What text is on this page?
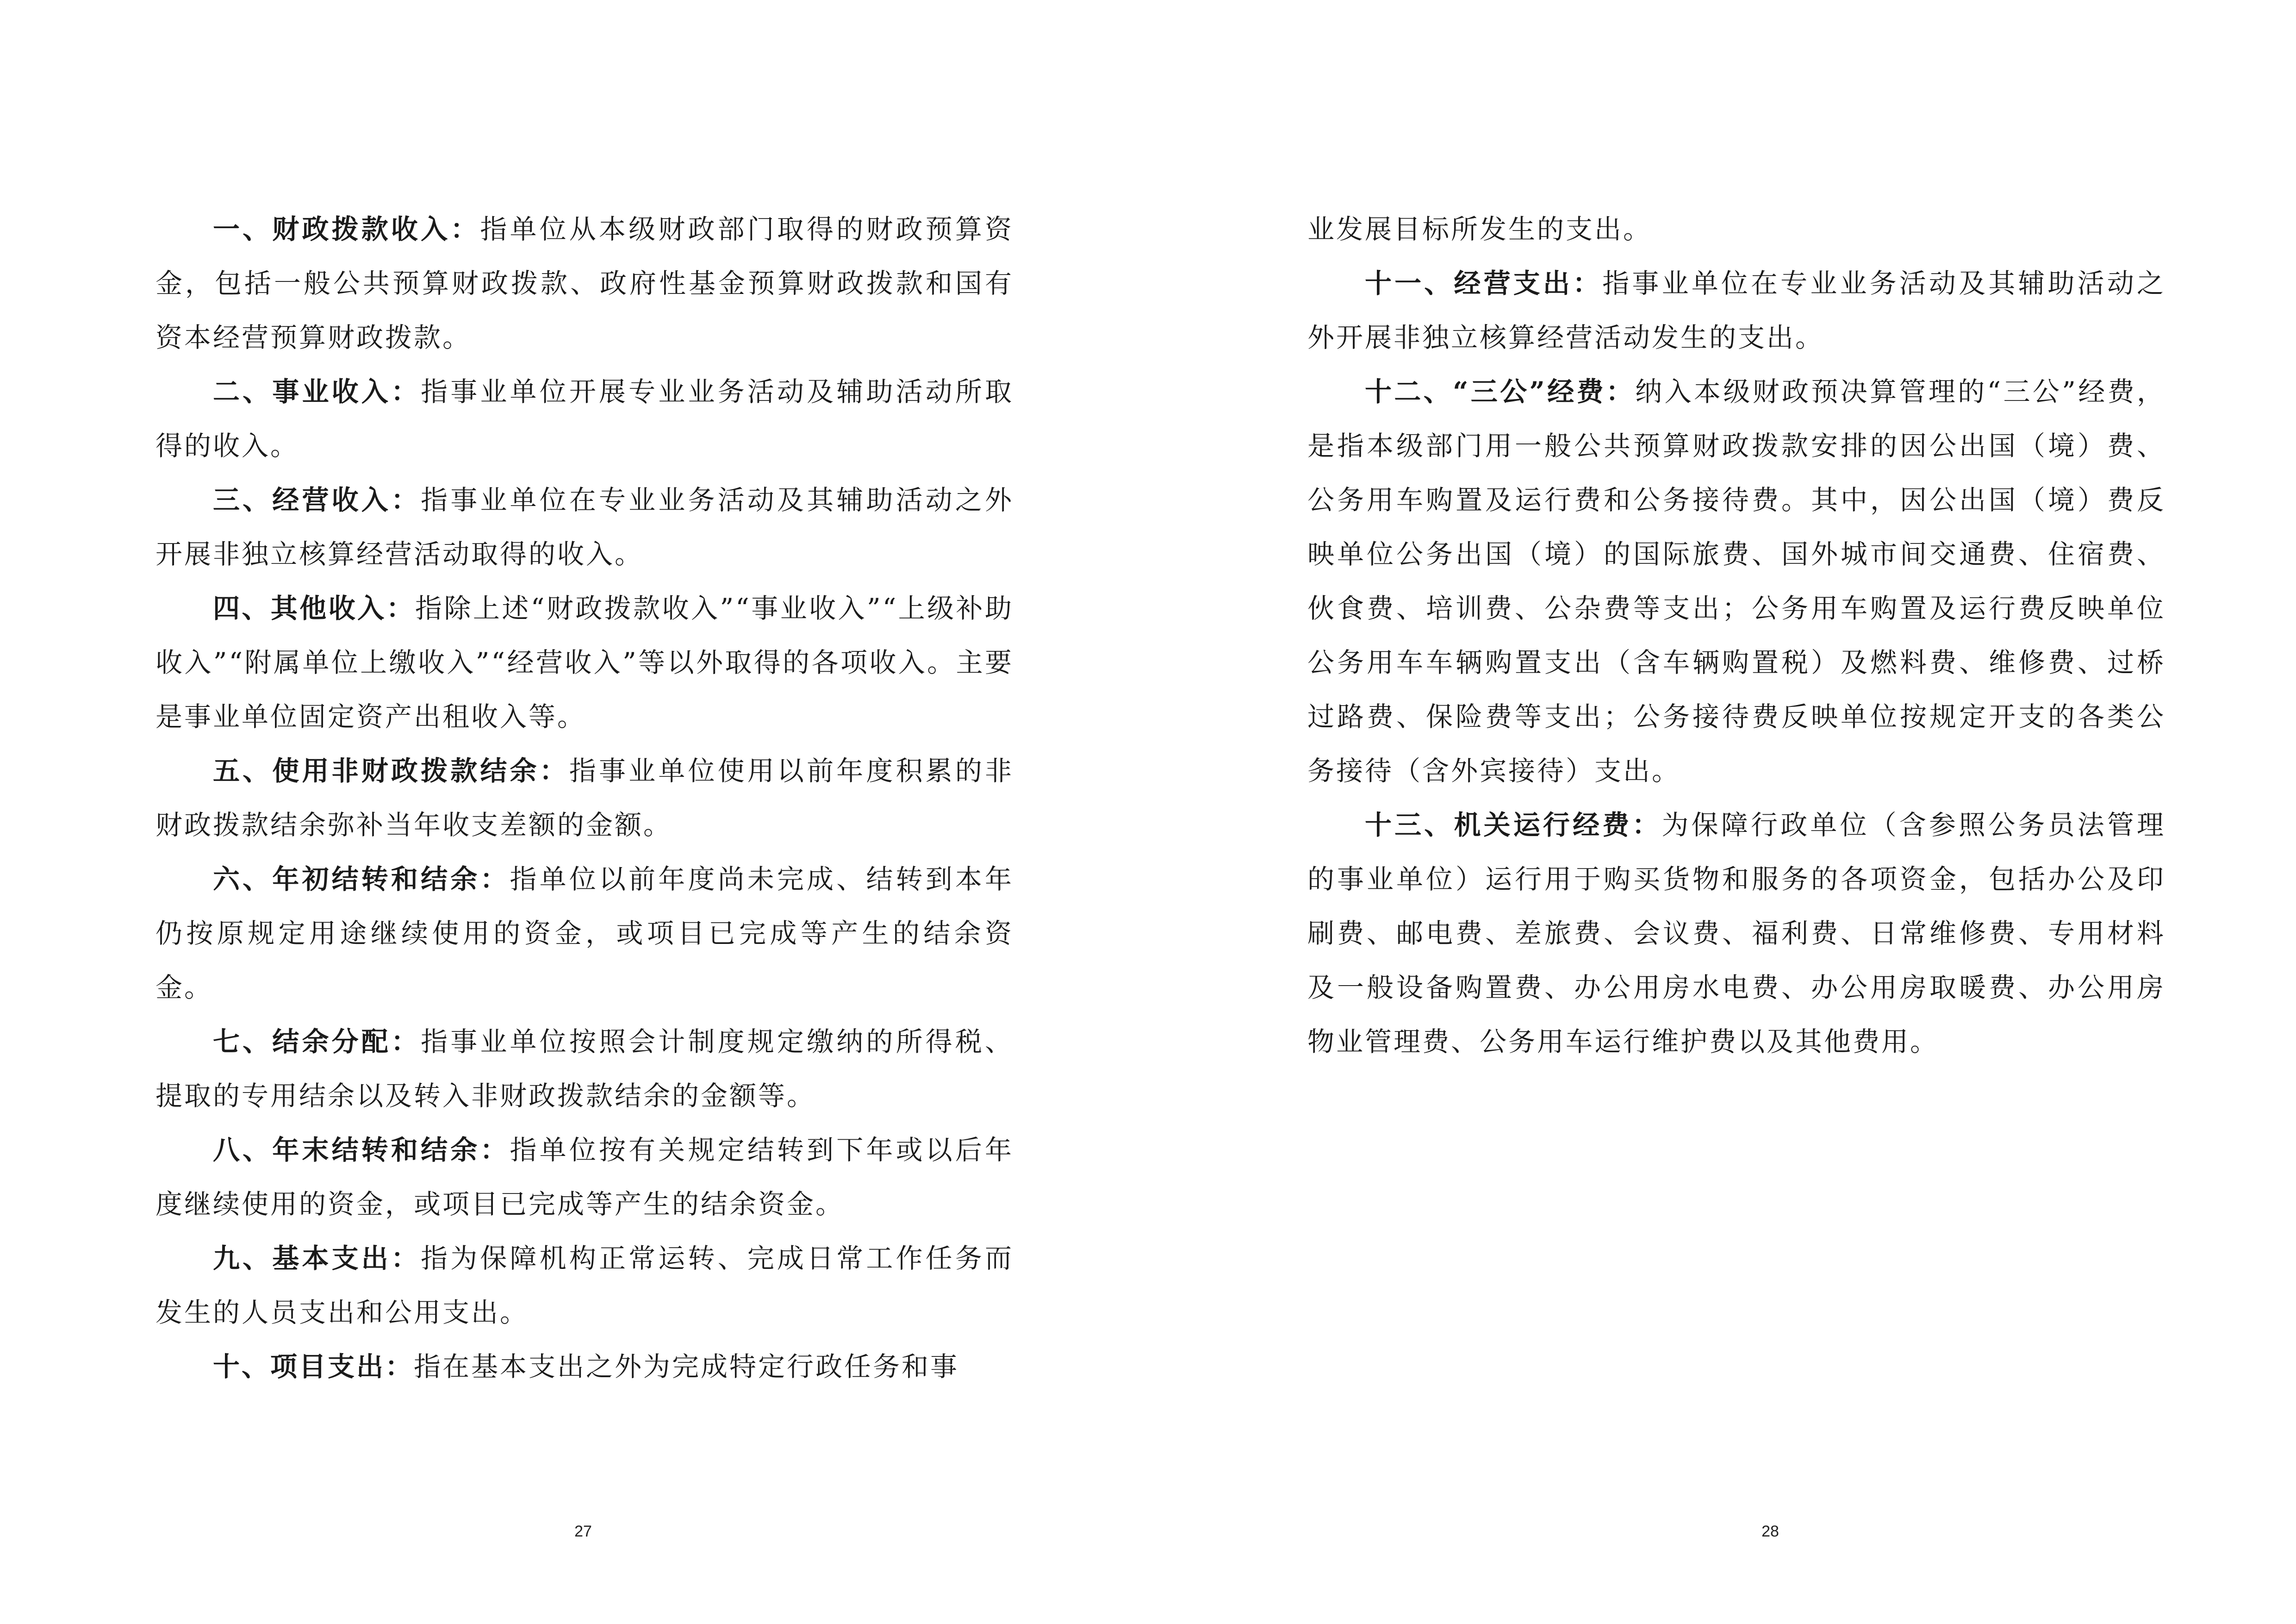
一、财政拨款收入：指单位从本级财政部门取得的财政预算资金，包括一般公共预算财政拨款、政府性基金预算财政拨款和国有资本经营预算财政拨款。

二、事业收入：指事业单位开展专业业务活动及辅助活动所取得的收入。

三、经营收入：指事业单位在专业业务活动及其辅助活动之外开展非独立核算经营活动取得的收入。

四、其他收入：指除上述“财政拨款收入”“事业收入”“上级补助收入”“附属单位上缴收入”“经营收入”等以外取得的各项收入。主要是事业单位固定资产出租收入等。

五、使用非财政拨款结余：指事业单位使用以前年度积累的非财政拨款结余弥补当年收支差额的金额。

六、年初结转和结余：指单位以前年度尚未完成、结转到本年仍按原规定用途继续使用的资金，或项目已完成等产生的结余资金。

七、结余分配：指事业单位按照会计制度规定缴纳的所得税、提取的专用结余以及转入非财政拨款结余的金额等。

八、年末结转和结余：指单位按有关规定结转到下年或以后年度继续使用的资金，或项目已完成等产生的结余资金。

九、基本支出：指为保障机构正常运转、完成日常工作任务而发生的人员支出和公用支出。

十、项目支出：指在基本支出之外为完成特定行政任务和事

27

业发展目标所发生的支出。

十一、经营支出：指事业单位在专业业务活动及其辅助活动之外开展非独立核算经营活动发生的支出。

十二、“三公”经费：纳入本级财政预决算管理的“三公”经费，是指本级部门用一般公共预算财政拨款安排的因公出国（境）费、公务用车购置及运行费和公务接待费。其中，因公出国（境）费反映单位公务出国（境）的国际旅费、国外城市间交通费、住宿费、伙食费、培训费、公杂费等支出；公务用车购置及运行费反映单位公务用车车辆购置支出（含车辆购置税）及燃料费、维修费、过桥过路费、保险费等支出；公务接待费反映单位按规定开支的各类公务接待（含外宾接待）支出。

十三、机关运行经费：为保障行政单位（含参照公务员法管理的事业单位）运行用于购买货物和服务的各项资金，包括办公及印刷费、邮电费、差旅费、会议费、福利费、日常维修费、专用材料及一般设备购置费、办公用房水电费、办公用房取暖费、办公用房物业管理费、公务用车运行维护费以及其他费用。

28
